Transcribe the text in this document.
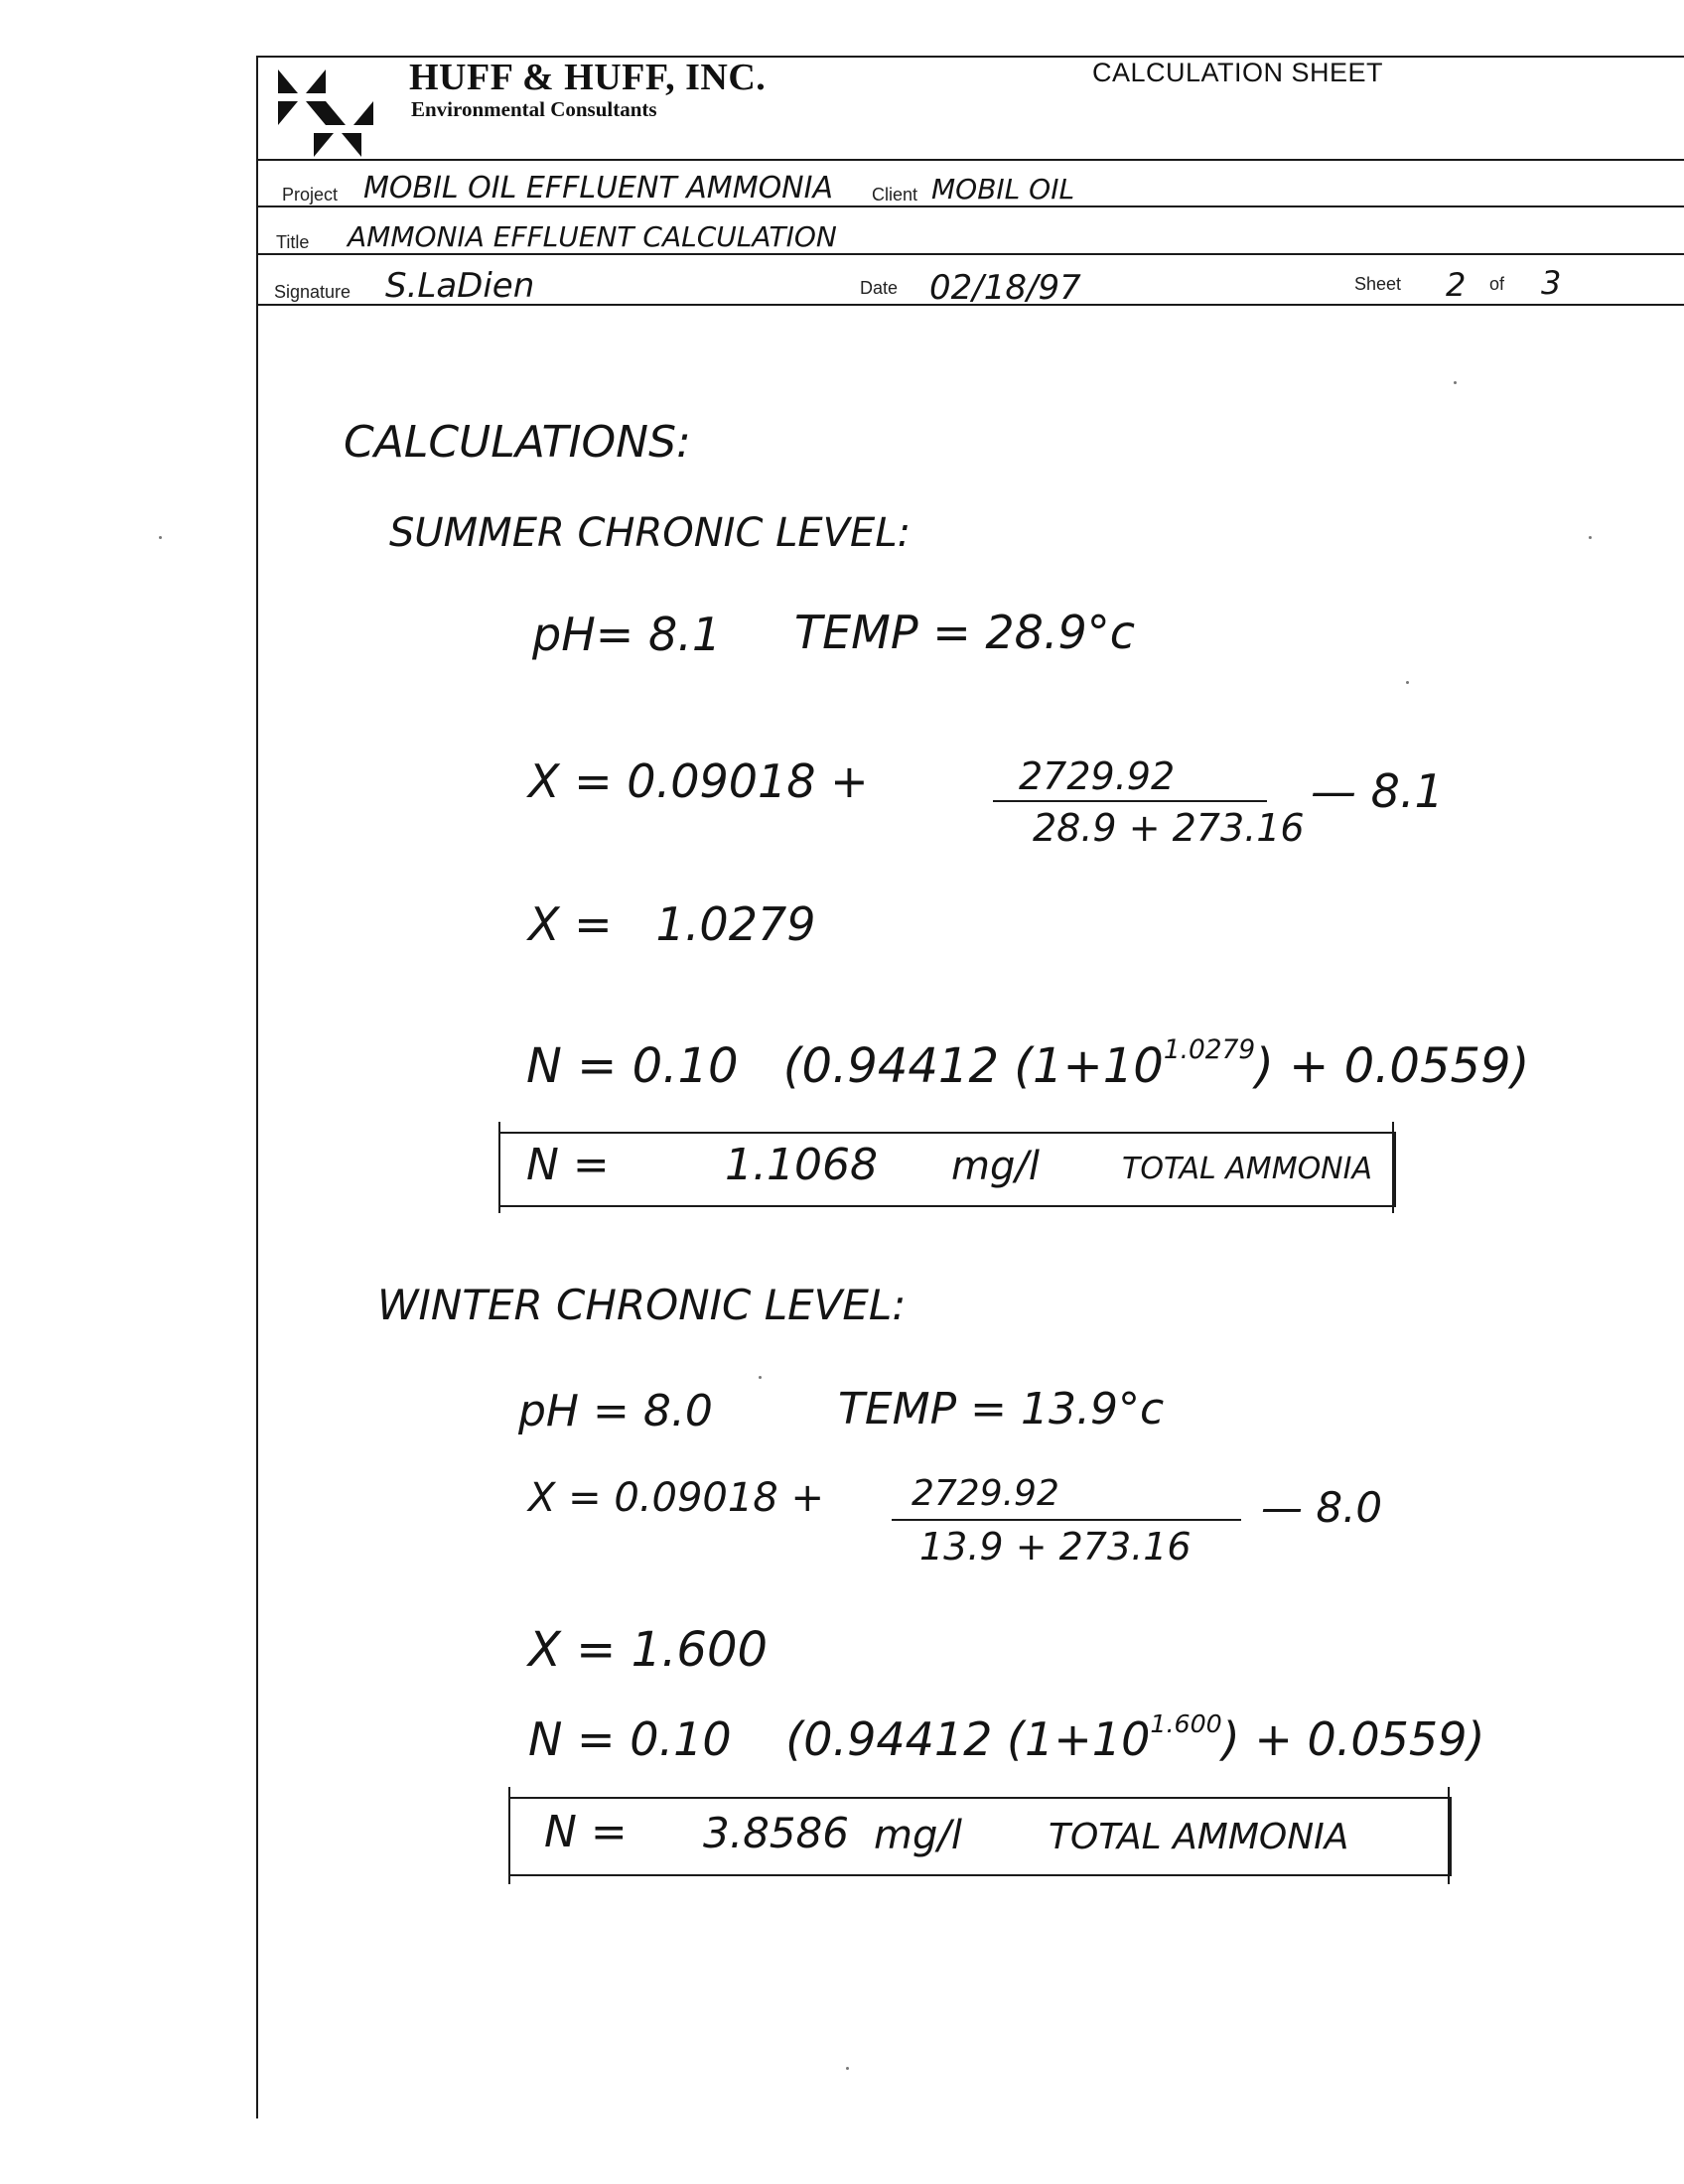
HUFF & HUFF, INC.
Environmental Consultants
CALCULATION SHEET
Project MOBIL OIL EFFLUENT AMMONIA Client MOBIL OIL
Title AMMONIA EFFLUENT CALCULATION
Signature S.LaDien	Date 02/18/97	Sheet 2 of 3
CALCULATIONS:
SUMMER CHRONIC LEVEL:
pH= 8.1 TEMP = 28.9°c
X = 0.09018 +	2729.92
28.9 + 273.16
— 8.1
X =   1.0279
N = 0.10 (0.94412 $(1+10^{1.0279}) + 0.0559$)
N =	1.1068 mg/l	TOTAL AMMONIA
WINTER CHRONIC LEVEL:
pH = 8.0	TEMP = 13.9°c
X = 0.09018 + 2729.92
13.9 + 273.16
— 8.0
X = 1.600
N = 0.10 (0.94412 $(1+10^{1.600}) + 0.0559$)
N = 3.8586 mg/l TOTAL AMMONIA
